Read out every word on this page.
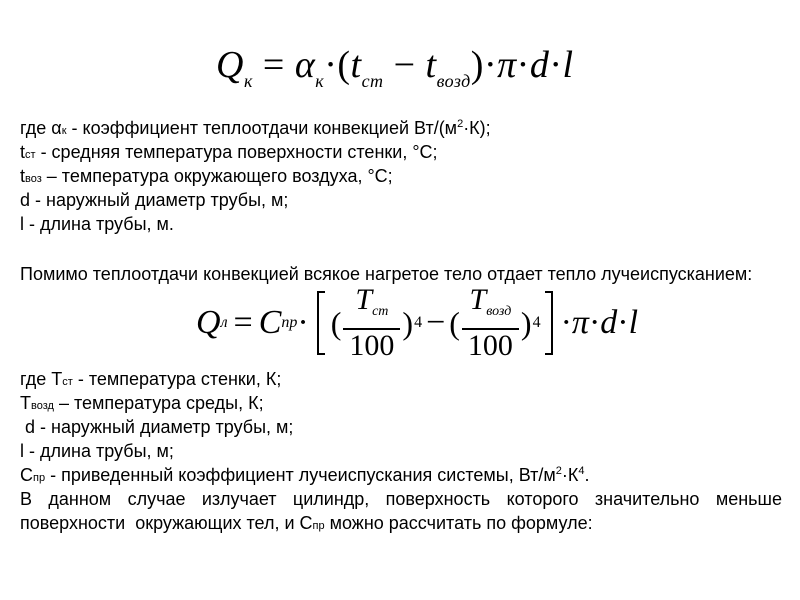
$Q_к = \alpha_к\cdot(t_{ст} - t_{возд})\cdot\pi\cdot d\cdot l$
где αк - коэффициент теплоотдачи конвекцией $Вт/(м^2\cdot К)$;
tст - средняя температура поверхности стенки, °С;
tвоз – температура окружающего воздуха, °С;
d - наружный диаметр трубы, м;
l - длина трубы, м.
Помимо теплоотдачи конвекцией всякое нагретое тело отдает тепло лучеиспусканием:
Q л = C пр · ( $\frac{T_{ст}}{100}$ ) 4 − ( $\frac{T_{возд}}{100}$ ) 4 · π · d · l
где Тст - температура стенки, К;
Твозд – температура среды, К;
d - наружный диаметр трубы, м;
l - длина трубы, м;
Спр - приведенный коэффициент лучеиспускания системы, $Вт/м^2\cdot К^4$.
В данном случае излучает цилиндр, поверхность которого значительно меньше
поверхности  окружающих тел, и Спр можно рассчитать по формуле:
